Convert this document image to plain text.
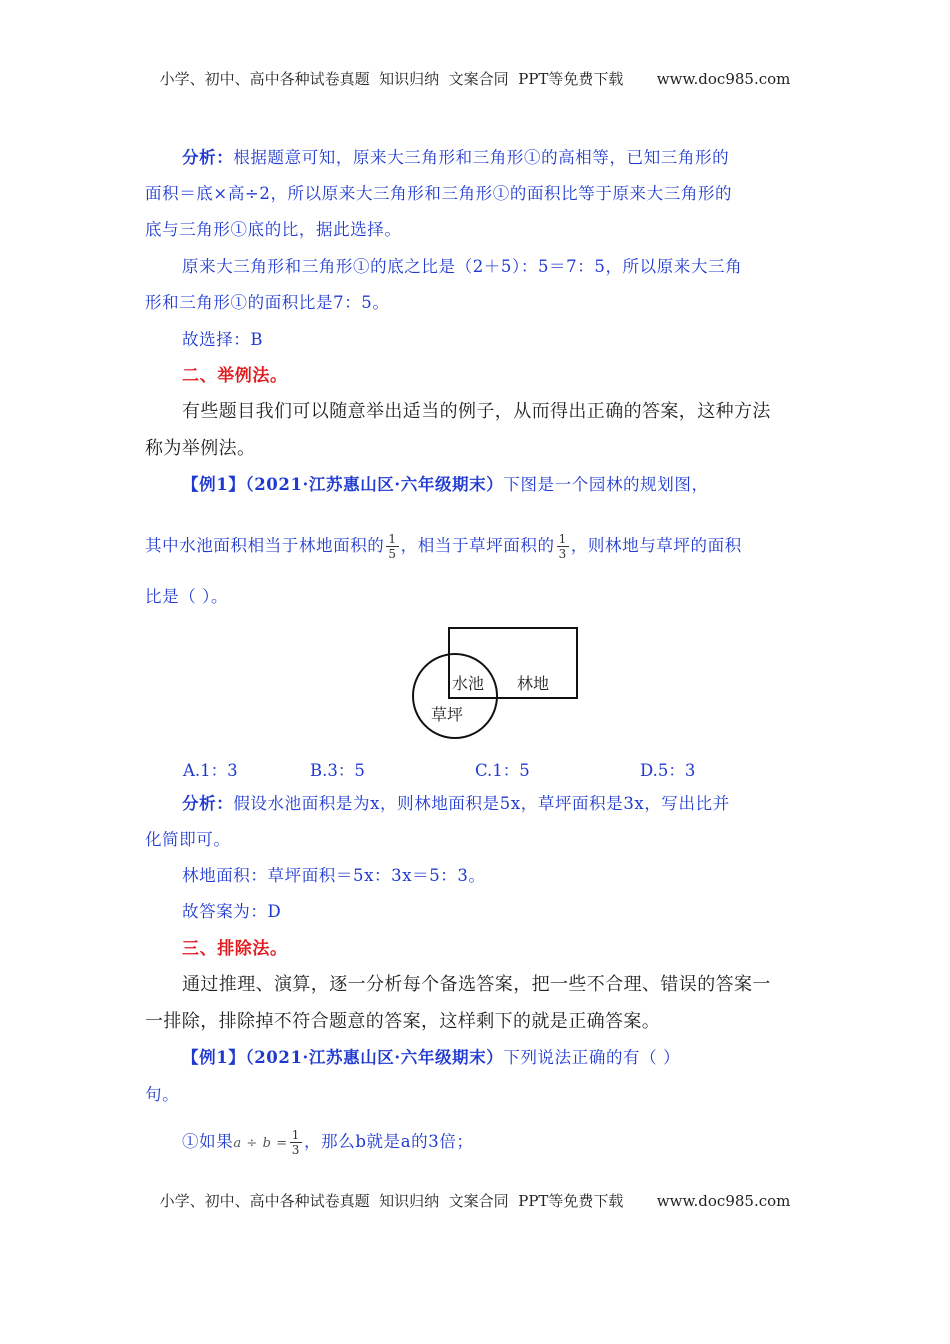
小学、初中、高中各种试卷真题  知识归纳  文案合同  PPT等免费下载       www.doc985.com
分析：根据题意可知，原来大三角形和三角形①的高相等，已知三角形的
面积＝底×高÷2，所以原来大三角形和三角形①的面积比等于原来大三角形的
底与三角形①底的比，据此选择。
原来大三角形和三角形①的底之比是（2＋5）：5＝7：5，所以原来大三角
形和三角形①的面积比是7：5。
故选择：B
二、举例法。
有些题目我们可以随意举出适当的例子，从而得出正确的答案，这种方法
称为举例法。
【例1】（2021·江苏惠山区·六年级期末）下图是一个园林的规划图，
其中水池面积相当于林地面积的 $\frac{1}{5}$ ，相当于草坪面积的 $\frac{1}{3}$ ，则林地与草坪的面积
比是（ ）。
水池 林地
草坪
A.1：3	B.3：5	C.1：5	D.5：3
分析：假设水池面积是为x，则林地面积是5x，草坪面积是3x，写出比并
化简即可。
林地面积：草坪面积＝5x：3x＝5：3。
故答案为：D
三、排除法。
通过推理、演算，逐一分析每个备选答案，把一些不合理、错误的答案一
一排除，排除掉不符合题意的答案，这样剩下的就是正确答案。
【例1】（2021·江苏惠山区·六年级期末）下列说法正确的有（ ）
句。
①如果$a \div b = \frac{1}{3}$ ，那么b就是a的3倍；
小学、初中、高中各种试卷真题  知识归纳  文案合同  PPT等免费下载       www.doc985.com
